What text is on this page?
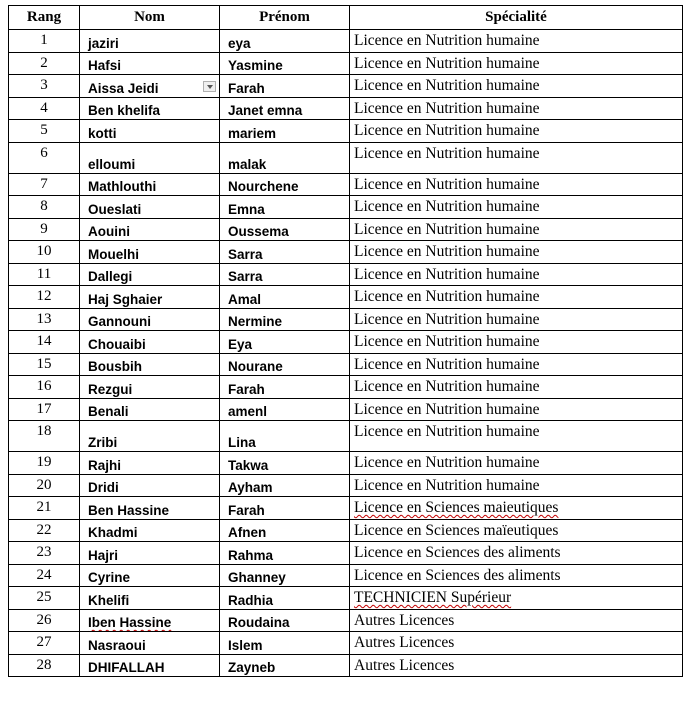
Rang	Nom	Prénom	Spécialité
1	jaziri	eya	Licence en Nutrition humaine
2	Hafsi	Yasmine	Licence en Nutrition humaine
3	Aissa Jeidi	Farah	Licence en Nutrition humaine
4	Ben khelifa	Janet emna	Licence en Nutrition humaine
5	kotti	mariem	Licence en Nutrition humaine
6	elloumi	malak	Licence en Nutrition humaine
7	Mathlouthi	Nourchene	Licence en Nutrition humaine
8	Oueslati	Emna	Licence en Nutrition humaine
9	Aouini	Oussema	Licence en Nutrition humaine
10	Mouelhi	Sarra	Licence en Nutrition humaine
11	Dallegi	Sarra	Licence en Nutrition humaine
12	Haj Sghaier	Amal	Licence en Nutrition humaine
13	Gannouni	Nermine	Licence en Nutrition humaine
14	Chouaibi	Eya	Licence en Nutrition humaine
15	Bousbih	Nourane	Licence en Nutrition humaine
16	Rezgui	Farah	Licence en Nutrition humaine
17	Benali	amenl	Licence en Nutrition humaine
18	Zribi	Lina	Licence en Nutrition humaine
19	Rajhi	Takwa	Licence en Nutrition humaine
20	Dridi	Ayham	Licence en Nutrition humaine
21	Ben Hassine	Farah	Licence en Sciences maieutiques
22	Khadmi	Afnen	Licence en Sciences maïeutiques
23	Hajri	Rahma	Licence en Sciences des aliments
24	Cyrine	Ghanney	Licence en Sciences des aliments
25	Khelifi	Radhia	TECHNICIEN Supérieur
26	Iben Hassine	Roudaina	Autres Licences
27	Nasraoui	Islem	Autres Licences
28	DHIFALLAH	Zayneb	Autres Licences
